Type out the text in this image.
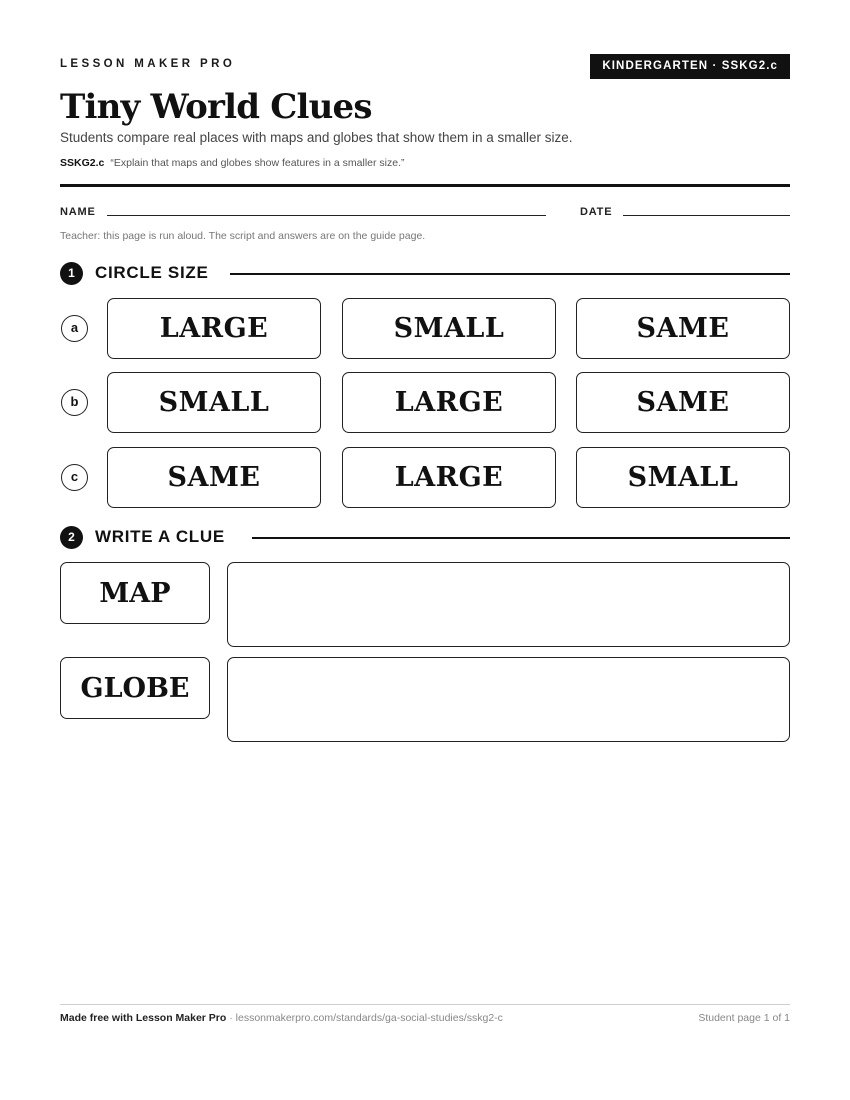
LESSON MAKER PRO	KINDERGARTEN · SSKG2.c
Tiny World Clues
Students compare real places with maps and globes that show them in a smaller size.
SSKG2.c “Explain that maps and globes show features in a smaller size.”
NAME	DATE
Teacher: this page is run aloud. The script and answers are on the guide page.
1	CIRCLE SIZE
a	LARGE	SMALL	SAME
b	SMALL	LARGE	SAME
c	SAME	LARGE	SMALL
2	WRITE A CLUE
MAP
GLOBE
Made free with Lesson Maker Pro · lessonmakerpro.com/standards/ga-social-studies/sskg2-c	Student page 1 of 1
